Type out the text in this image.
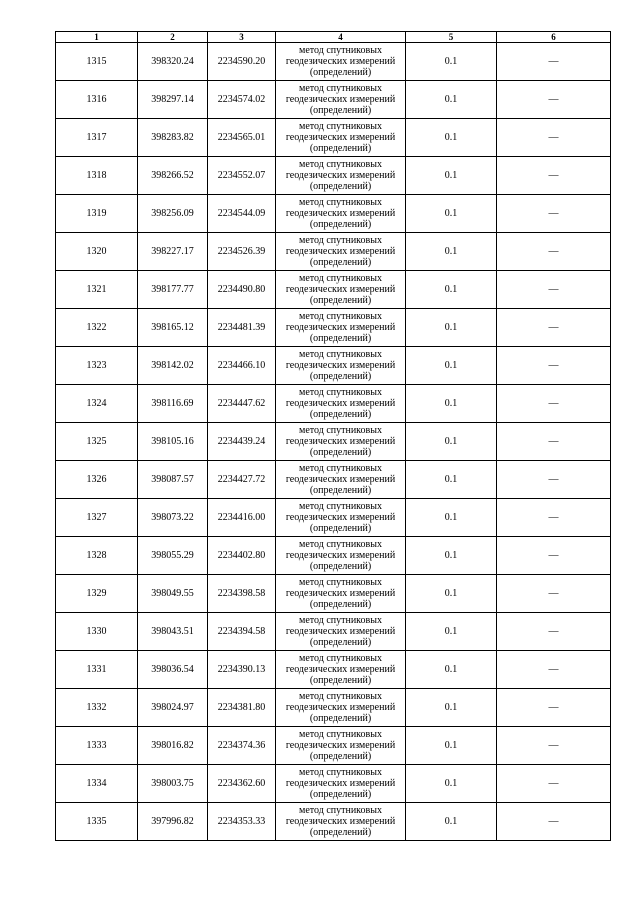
1	2	3	4	5	6
1315	398320.24	2234590.20	метод спутниковых
геодезических измерений
(определений)	0.1	—
1316	398297.14	2234574.02	метод спутниковых
геодезических измерений
(определений)	0.1	—
1317	398283.82	2234565.01	метод спутниковых
геодезических измерений
(определений)	0.1	—
1318	398266.52	2234552.07	метод спутниковых
геодезических измерений
(определений)	0.1	—
1319	398256.09	2234544.09	метод спутниковых
геодезических измерений
(определений)	0.1	—
1320	398227.17	2234526.39	метод спутниковых
геодезических измерений
(определений)	0.1	—
1321	398177.77	2234490.80	метод спутниковых
геодезических измерений
(определений)	0.1	—
1322	398165.12	2234481.39	метод спутниковых
геодезических измерений
(определений)	0.1	—
1323	398142.02	2234466.10	метод спутниковых
геодезических измерений
(определений)	0.1	—
1324	398116.69	2234447.62	метод спутниковых
геодезических измерений
(определений)	0.1	—
1325	398105.16	2234439.24	метод спутниковых
геодезических измерений
(определений)	0.1	—
1326	398087.57	2234427.72	метод спутниковых
геодезических измерений
(определений)	0.1	—
1327	398073.22	2234416.00	метод спутниковых
геодезических измерений
(определений)	0.1	—
1328	398055.29	2234402.80	метод спутниковых
геодезических измерений
(определений)	0.1	—
1329	398049.55	2234398.58	метод спутниковых
геодезических измерений
(определений)	0.1	—
1330	398043.51	2234394.58	метод спутниковых
геодезических измерений
(определений)	0.1	—
1331	398036.54	2234390.13	метод спутниковых
геодезических измерений
(определений)	0.1	—
1332	398024.97	2234381.80	метод спутниковых
геодезических измерений
(определений)	0.1	—
1333	398016.82	2234374.36	метод спутниковых
геодезических измерений
(определений)	0.1	—
1334	398003.75	2234362.60	метод спутниковых
геодезических измерений
(определений)	0.1	—
1335	397996.82	2234353.33	метод спутниковых
геодезических измерений
(определений)	0.1	—
